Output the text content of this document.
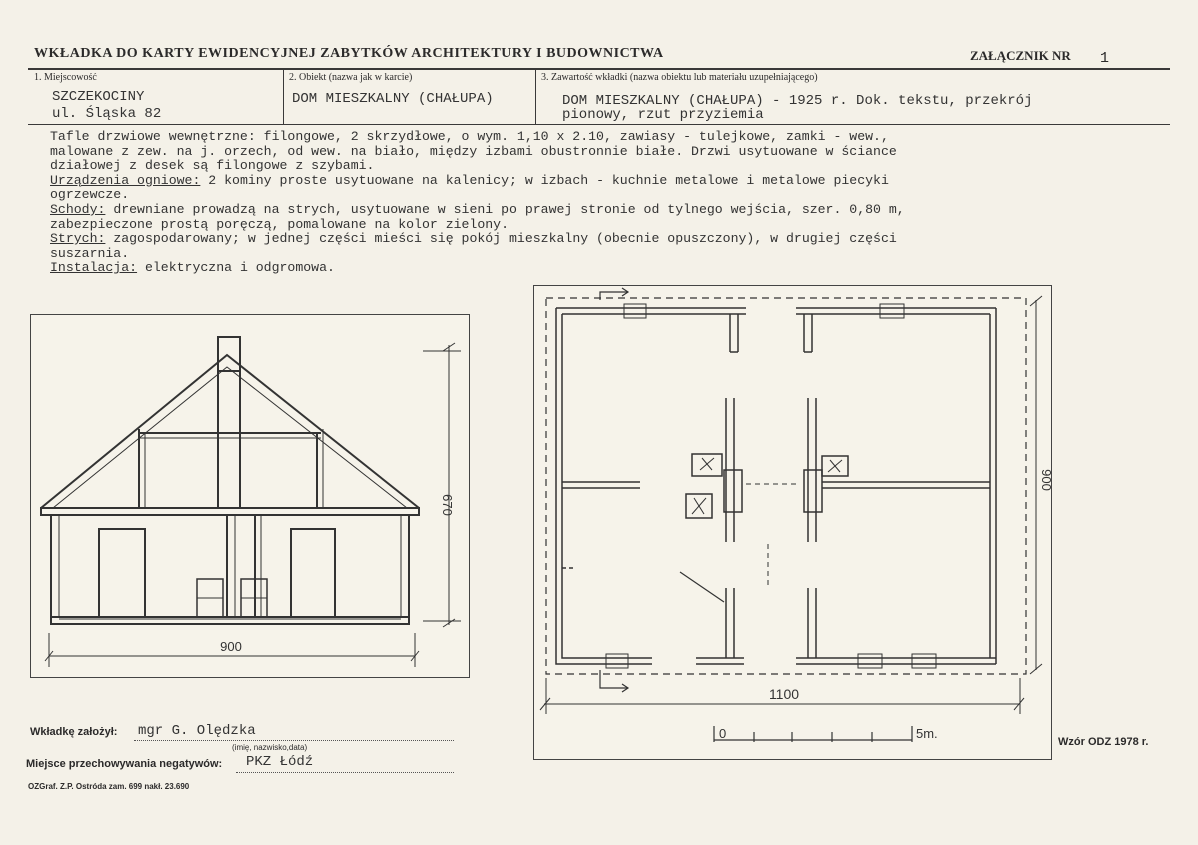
WKŁADKA DO KARTY EWIDENCYJNEJ ZABYTKÓW ARCHITEKTURY I BUDOWNICTWA	ZAŁĄCZNIK NR 1
1. Miejscowość
SZCZEKOCINY
ul. Śląska 82
2. Obiekt (nazwa jak w karcie)
DOM MIESZKALNY (CHAŁUPA)
3. Zawartość wkładki (nazwa obiektu lub materiału uzupełniającego)
DOM MIESZKALNY (CHAŁUPA) - 1925 r. Dok. tekstu, przekrój
pionowy, rzut przyziemia
Tafle drzwiowe wewnętrzne: filongowe, 2 skrzydłowe, o wym. 1,10 x 2.10, zawiasy - tulejkowe, zamki - wew.,
malowane z zew. na j. orzech, od wew. na biało, między izbami obustronnie białe. Drzwi usytuowane w ściance
działowej z desek są filongowe z szybami.
Urządzenia ogniowe: 2 kominy proste usytuowane na kalenicy; w izbach - kuchnie metalowe i metalowe piecyki
ogrzewcze.
Schody: drewniane prowadzą na strych, usytuowane w sieni po prawej stronie od tylnego wejścia, szer. 0,80 m,
zabezpieczone prostą poręczą, pomalowane na kolor zielony.
Strych: zagospodarowany; w jednej części mieści się pokój mieszkalny (obecnie opuszczony), w drugiej części
suszarnia.
Instalacja: elektryczna i odgromowa.
900
670
1100
900
0	5m.
Wkładkę założył: mgr G. Olędzka
(imię, nazwisko,data)
Miejsce przechowywania negatywów: PKZ Łódź
OZGraf. Z.P. Ostróda zam. 699 nakł. 23.690
Wzór ODZ 1978 r.
